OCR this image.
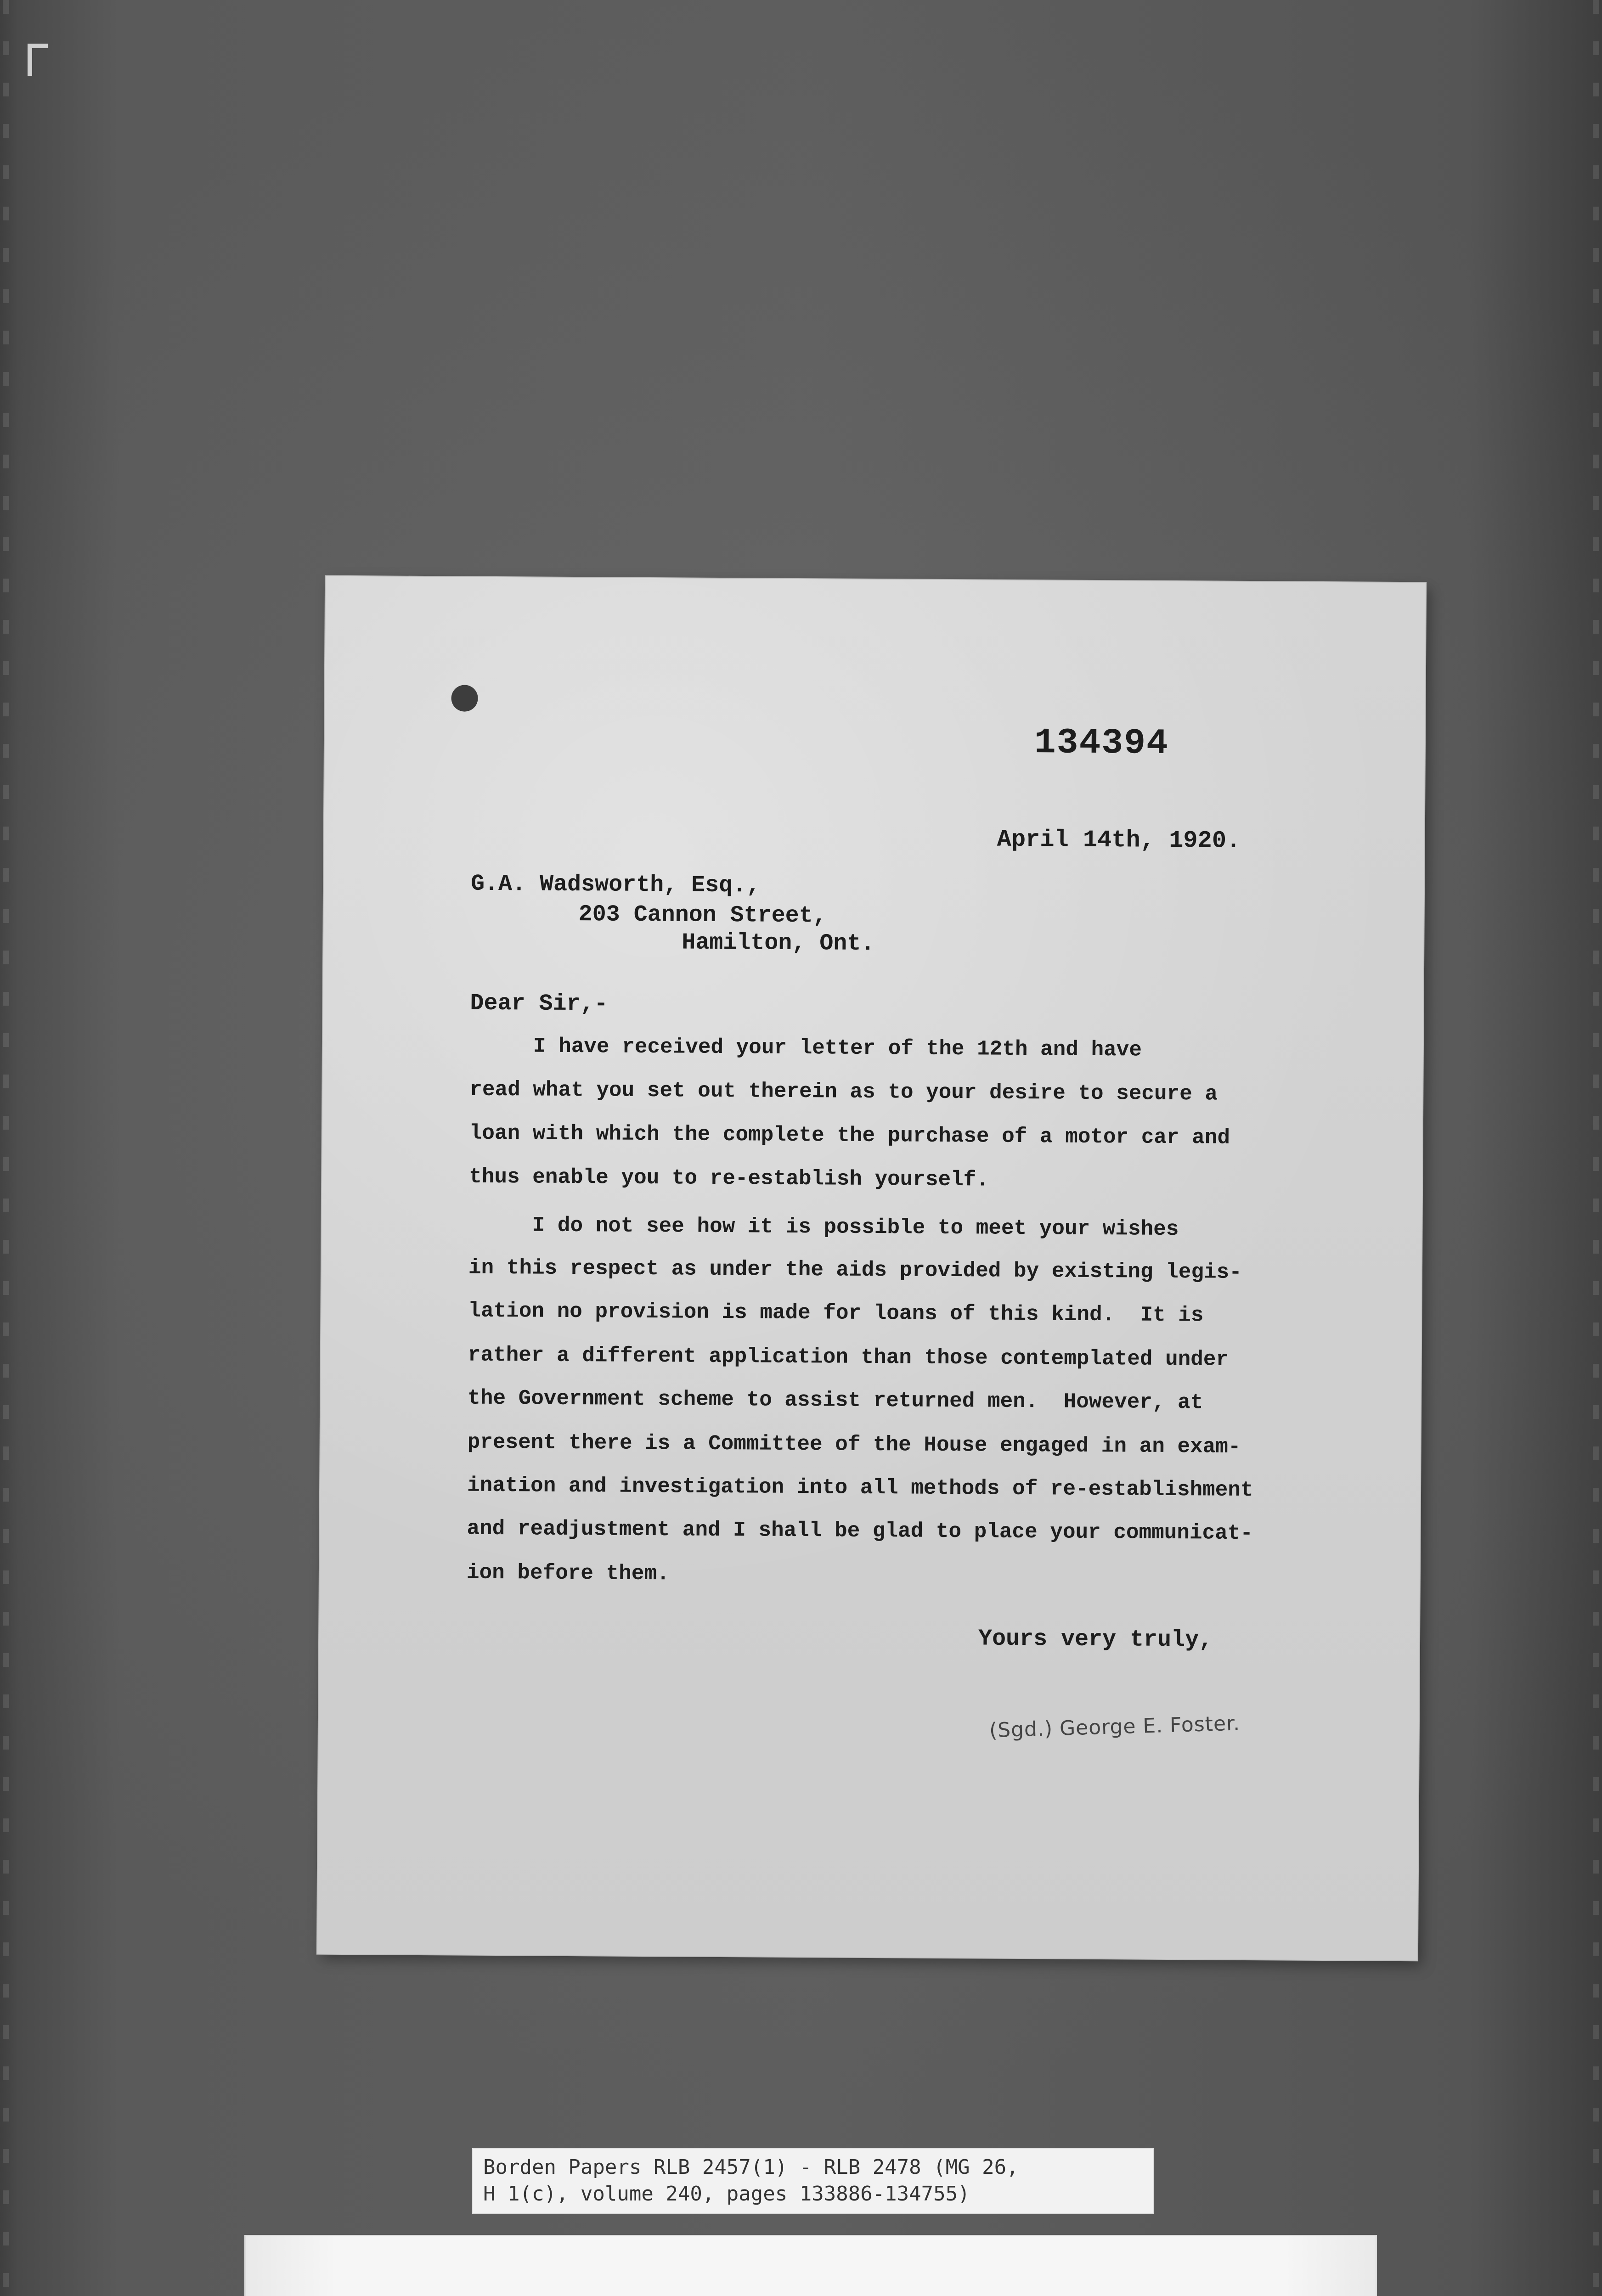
134394
April 14th, 1920.
G.A. Wadsworth, Esq.,
203 Cannon Street,
Hamilton, Ont.
Dear Sir,-
I have received your letter of the 12th and have
read what you set out therein as to your desire to secure a
loan with which the complete the purchase of a motor car and
thus enable you to re-establish yourself.
I do not see how it is possible to meet your wishes
in this respect as under the aids provided by existing legis-
lation no provision is made for loans of this kind.  It is
rather a different application than those contemplated under
the Government scheme to assist returned men.  However, at
present there is a Committee of the House engaged in an exam-
ination and investigation into all methods of re-establishment
and readjustment and I shall be glad to place your communicat-
ion before them.
Yours very truly,
(Sgd.) George E. Foster.
Borden Papers RLB 2457(1) - RLB 2478 (MG 26,
H 1(c), volume 240, pages 133886-134755)
